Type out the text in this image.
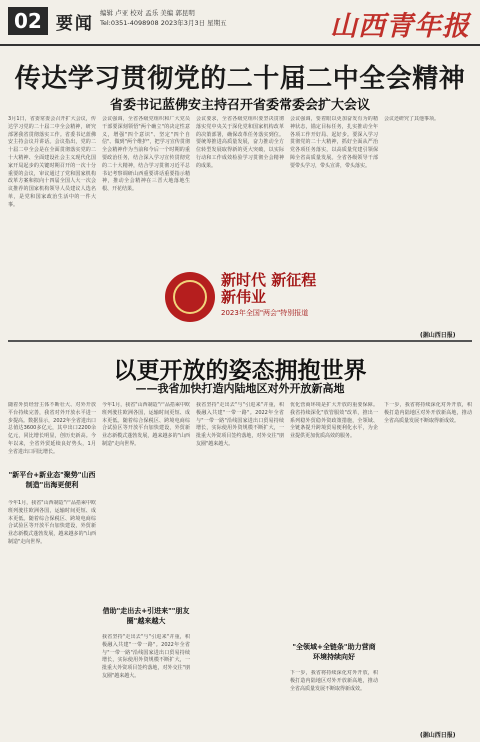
02 要闻
编辑 卢亚 校对 孟乐 美编 郭昆明
Tel:0351-4098908 2023年3月3日 星期五	山西青年报
传达学习贯彻党的二十届二中全会精神
省委书记蓝佛安主持召开省委常委会扩大会议
3月1日，省委常委会召开扩大会议，传达学习党的二十届二中全会精神，研究部署我省贯彻落实工作。省委书记蓝佛安主持会议并讲话。会议指出，党的二十届二中全会是在全面贯彻落实党的二十大精神、全面建设社会主义现代化国家开局起步的关键时期召开的一次十分重要的会议，审议通过了党和国家机构改革方案和拟向十四届全国人大一次会议推荐的国家机构领导人员建议人选名单，是党和国家政治生活中的一件大事。
会议强调，全省各级党组织和广大党员干部要深刻领悟"两个确立"的决定性意义，增强"四个意识"、坚定"四个自信"、做到"两个维护"，把学习宣传贯彻全会精神作为当前和今后一个时期的重要政治任务，结合深入学习宣传贯彻党的二十大精神，结合学习贯彻习近平总书记考察调研山西重要讲话重要指示精神，推动全会精神在三晋大地落地生根、开花结果。
会议要求，全省各级党组织要坚决贯彻落实党中央关于深化党和国家机构改革的决策部署，确保改革任务落实到位。要统筹推进高质量发展，奋力推动全方位转型发展取得新的更大突破，以实际行动和工作成效检验学习贯彻全会精神的成果。
会议强调，要着眼以更加奋发有为的精神状态，锚定目标任务，扎实推动全年各项工作开好局、起好步。要深入学习贯彻党的二十大精神，抓好全面从严治党各项任务落实，以高质量党建引领保障全省高质量发展。全省各级领导干部要带头学习，带头宣讲，带头落实。
会议还研究了其他事项。
(据山西日报)
新时代 新征程 新伟业
2023年全国"两会"特别报道
以更开放的姿态拥抱世界
——我省加快打造内陆地区对外开放新高地
随着外贸经营主体不断壮大、对外开放平台持续完善，我省对外开放水平进一步提高。数据显示，2022年全省进出口总值达3600多亿元，其中出口2200余亿元，同比增长明显，创历史新高。今年以来，全省外贸延续良好势头，1月全省进出口同比增长。
"新平台+新业态"聚势"山西制造"出海更便利
今年1月，我省"山西制造"产品搭乘中欧班列驶往欧洲各国，运输时间更短、成本更低。随着综合保税区、跨境电商综合试验区等开放平台加快建设，外贸新业态新模式蓬勃发展，越来越多的"山西制造"走向世界。
今年1月，我省"山西制造"产品搭乘中欧班列驶往欧洲各国，运输时间更短、成本更低。随着综合保税区、跨境电商综合试验区等开放平台加快建设，外贸新业态新模式蓬勃发展，越来越多的"山西制造"走向世界。
借助"走出去+引进来""朋友圈"越来越大
我省坚持"走出去"与"引进来"并重，积极融入共建"一带一路"。2022年全省与"一带一路"沿线国家进出口贸易持续增长，实际使用外资规模不断扩大，一批重大外资项目签约落地，对外交往"朋友圈"越来越大。
我省坚持"走出去"与"引进来"并重，积极融入共建"一带一路"。2022年全省与"一带一路"沿线国家进出口贸易持续增长，实际使用外资规模不断扩大，一批重大外资项目签约落地，对外交往"朋友圈"越来越大。
优化营商环境是扩大开放的重要保障。我省持续深化"放管服效"改革，推出一系列稳外贸稳外资政策措施，全领域、全链条提升跨境贸易便利化水平，为企业提供更加优质高效的服务。
"全领域+全链条"助力营商环境持续向好
下一步，我省将持续深化对外开放，积极打造内陆地区对外开放新高地，推动全省高质量发展不断取得新成效。
下一步，我省将持续深化对外开放，积极打造内陆地区对外开放新高地，推动全省高质量发展不断取得新成效。
(据山西日报)
